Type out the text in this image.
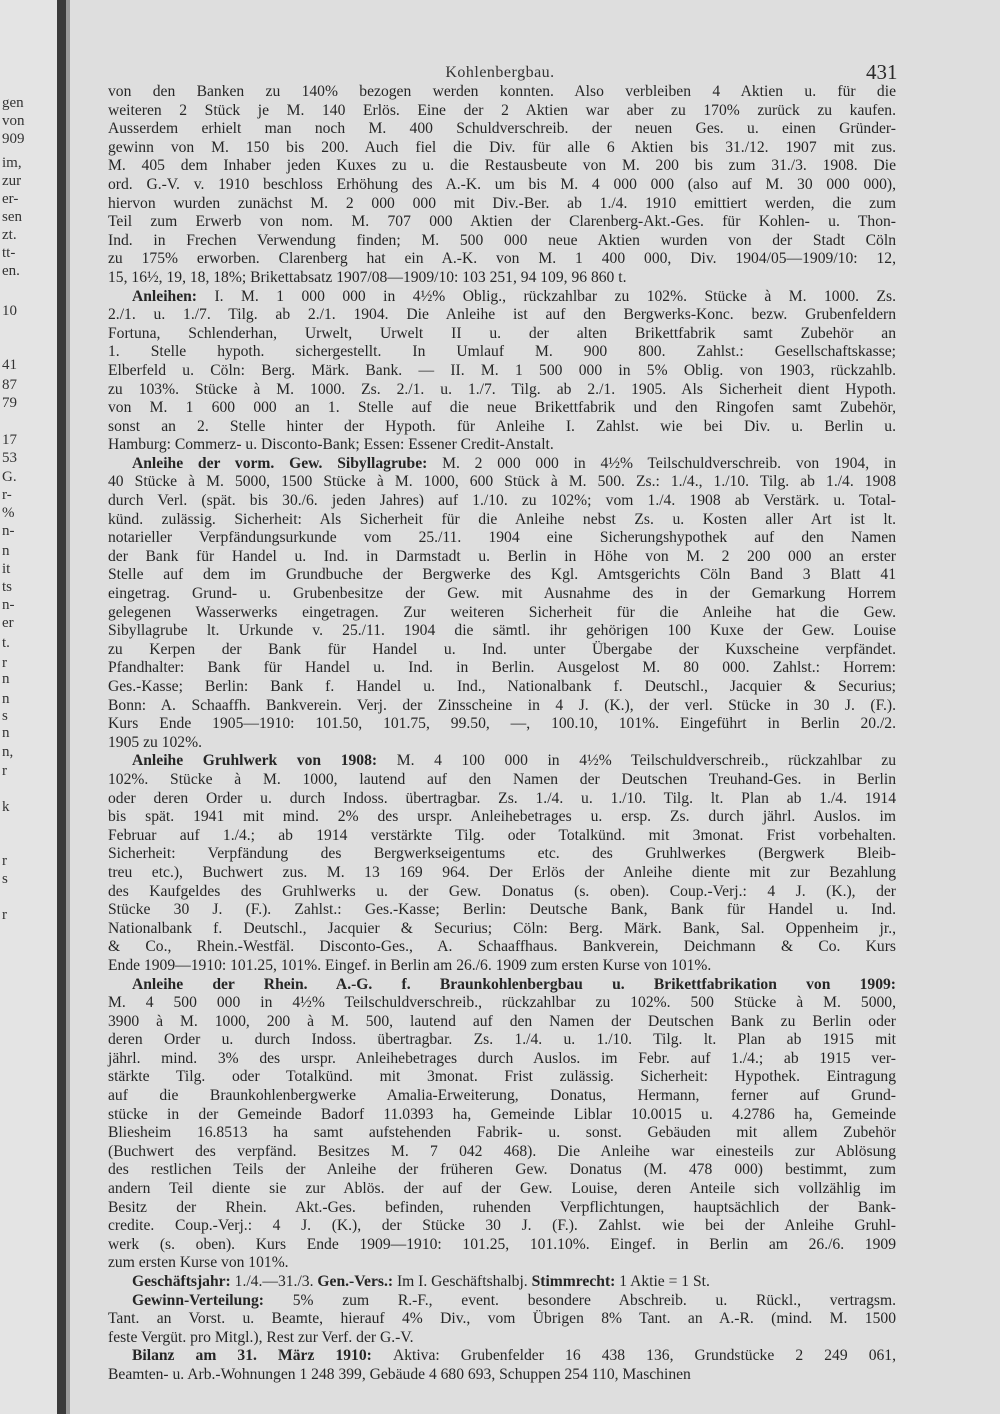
gen
von
909
im,
zur
er-
sen
zt.
tt-
en.
10
41
87
79
17
53
G.
r-
%
n-
n
it
ts
n-
er
t.
r
n
n
s
n
n,
r
k
r
s
r
Kohlenbergbau.	431
von den Banken zu 140% bezogen werden konnten. Also verbleiben 4 Aktien u. für die
weiteren 2 Stück je M. 140 Erlös. Eine der 2 Aktien war aber zu 170% zurück zu kaufen.
Ausserdem erhielt man noch M. 400 Schuldverschreib. der neuen Ges. u. einen Gründer-
gewinn von M. 150 bis 200. Auch fiel die Div. für alle 6 Aktien bis 31./12. 1907 mit zus.
M. 405 dem Inhaber jeden Kuxes zu u. die Restausbeute von M. 200 bis zum 31./3. 1908. Die
ord. G.-V. v. 1910 beschloss Erhöhung des A.-K. um bis M. 4 000 000 (also auf M. 30 000 000),
hiervon wurden zunächst M. 2 000 000 mit Div.-Ber. ab 1./4. 1910 emittiert werden, die zum
Teil zum Erwerb von nom. M. 707 000 Aktien der Clarenberg-Akt.-Ges. für Kohlen- u. Thon-
Ind. in Frechen Verwendung finden; M. 500 000 neue Aktien wurden von der Stadt Cöln
zu 175% erworben. Clarenberg hat ein A.-K. von M. 1 400 000, Div. 1904/05—1909/10: 12,
15, 16½, 19, 18, 18%; Brikettabsatz 1907/08—1909/10: 103 251, 94 109, 96 860 t.
Anleihen: I. M. 1 000 000 in 4½% Oblig., rückzahlbar zu 102%. Stücke à M. 1000. Zs.
2./1. u. 1./7. Tilg. ab 2./1. 1904. Die Anleihe ist auf den Bergwerks-Konc. bezw. Grubenfeldern
Fortuna, Schlenderhan, Urwelt, Urwelt II u. der alten Brikettfabrik samt Zubehör an
1. Stelle hypoth. sichergestellt. In Umlauf M. 900 800. Zahlst.: Gesellschaftskasse;
Elberfeld u. Cöln: Berg. Märk. Bank. — II. M. 1 500 000 in 5% Oblig. von 1903, rückzahlb.
zu 103%. Stücke à M. 1000. Zs. 2./1. u. 1./7. Tilg. ab 2./1. 1905. Als Sicherheit dient Hypoth.
von M. 1 600 000 an 1. Stelle auf die neue Brikettfabrik und den Ringofen samt Zubehör,
sonst an 2. Stelle hinter der Hypoth. für Anleihe I. Zahlst. wie bei Div. u. Berlin u.
Hamburg: Commerz- u. Disconto-Bank; Essen: Essener Credit-Anstalt.
Anleihe der vorm. Gew. Sibyllagrube: M. 2 000 000 in 4½% Teilschuldverschreib. von 1904, in
40 Stücke à M. 5000, 1500 Stücke à M. 1000, 600 Stück à M. 500. Zs.: 1./4., 1./10. Tilg. ab 1./4. 1908
durch Verl. (spät. bis 30./6. jeden Jahres) auf 1./10. zu 102%; vom 1./4. 1908 ab Verstärk. u. Total-
künd. zulässig. Sicherheit: Als Sicherheit für die Anleihe nebst Zs. u. Kosten aller Art ist lt.
notarieller Verpfändungsurkunde vom 25./11. 1904 eine Sicherungshypothek auf den Namen
der Bank für Handel u. Ind. in Darmstadt u. Berlin in Höhe von M. 2 200 000 an erster
Stelle auf dem im Grundbuche der Bergwerke des Kgl. Amtsgerichts Cöln Band 3 Blatt 41
eingetrag. Grund- u. Grubenbesitze der Gew. mit Ausnahme des in der Gemarkung Horrem
gelegenen Wasserwerks eingetragen. Zur weiteren Sicherheit für die Anleihe hat die Gew.
Sibyllagrube lt. Urkunde v. 25./11. 1904 die sämtl. ihr gehörigen 100 Kuxe der Gew. Louise
zu Kerpen der Bank für Handel u. Ind. unter Übergabe der Kuxscheine verpfändet.
Pfandhalter: Bank für Handel u. Ind. in Berlin. Ausgelost M. 80 000. Zahlst.: Horrem:
Ges.-Kasse; Berlin: Bank f. Handel u. Ind., Nationalbank f. Deutschl., Jacquier & Securius;
Bonn: A. Schaaffh. Bankverein. Verj. der Zinsscheine in 4 J. (K.), der verl. Stücke in 30 J. (F.).
Kurs Ende 1905—1910: 101.50, 101.75, 99.50, —, 100.10, 101%. Eingeführt in Berlin 20./2.
1905 zu 102%.
Anleihe Gruhlwerk von 1908: M. 4 100 000 in 4½% Teilschuldverschreib., rückzahlbar zu
102%. Stücke à M. 1000, lautend auf den Namen der Deutschen Treuhand-Ges. in Berlin
oder deren Order u. durch Indoss. übertragbar. Zs. 1./4. u. 1./10. Tilg. lt. Plan ab 1./4. 1914
bis spät. 1941 mit mind. 2% des urspr. Anleihebetrages u. ersp. Zs. durch jährl. Auslos. im
Februar auf 1./4.; ab 1914 verstärkte Tilg. oder Totalkünd. mit 3monat. Frist vorbehalten.
Sicherheit: Verpfändung des Bergwerkseigentums etc. des Gruhlwerkes (Bergwerk Bleib-
treu etc.), Buchwert zus. M. 13 169 964. Der Erlös der Anleihe diente mit zur Bezahlung
des Kaufgeldes des Gruhlwerks u. der Gew. Donatus (s. oben). Coup.-Verj.: 4 J. (K.), der
Stücke 30 J. (F.). Zahlst.: Ges.-Kasse; Berlin: Deutsche Bank, Bank für Handel u. Ind.
Nationalbank f. Deutschl., Jacquier & Securius; Cöln: Berg. Märk. Bank, Sal. Oppenheim jr.,
& Co., Rhein.-Westfäl. Disconto-Ges., A. Schaaffhaus. Bankverein, Deichmann & Co. Kurs
Ende 1909—1910: 101.25, 101%. Eingef. in Berlin am 26./6. 1909 zum ersten Kurse von 101%.
Anleihe der Rhein. A.-G. f. Braunkohlenbergbau u. Brikettfabrikation von 1909:
M. 4 500 000 in 4½% Teilschuldverschreib., rückzahlbar zu 102%. 500 Stücke à M. 5000,
3900 à M. 1000, 200 à M. 500, lautend auf den Namen der Deutschen Bank zu Berlin oder
deren Order u. durch Indoss. übertragbar. Zs. 1./4. u. 1./10. Tilg. lt. Plan ab 1915 mit
jährl. mind. 3% des urspr. Anleihebetrages durch Auslos. im Febr. auf 1./4.; ab 1915 ver-
stärkte Tilg. oder Totalkünd. mit 3monat. Frist zulässig. Sicherheit: Hypothek. Eintragung
auf die Braunkohlenbergwerke Amalia-Erweiterung, Donatus, Hermann, ferner auf Grund-
stücke in der Gemeinde Badorf 11.0393 ha, Gemeinde Liblar 10.0015 u. 4.2786 ha, Gemeinde
Bliesheim 16.8513 ha samt aufstehenden Fabrik- u. sonst. Gebäuden mit allem Zubehör
(Buchwert des verpfänd. Besitzes M. 7 042 468). Die Anleihe war einesteils zur Ablösung
des restlichen Teils der Anleihe der früheren Gew. Donatus (M. 478 000) bestimmt, zum
andern Teil diente sie zur Ablös. der auf der Gew. Louise, deren Anteile sich vollzählig im
Besitz der Rhein. Akt.-Ges. befinden, ruhenden Verpflichtungen, hauptsächlich der Bank-
credite. Coup.-Verj.: 4 J. (K.), der Stücke 30 J. (F.). Zahlst. wie bei der Anleihe Gruhl-
werk (s. oben). Kurs Ende 1909—1910: 101.25, 101.10%. Eingef. in Berlin am 26./6. 1909
zum ersten Kurse von 101%.
Geschäftsjahr: 1./4.—31./3. Gen.-Vers.: Im I. Geschäftshalbj. Stimmrecht: 1 Aktie = 1 St.
Gewinn-Verteilung: 5% zum R.-F., event. besondere Abschreib. u. Rückl., vertragsm.
Tant. an Vorst. u. Beamte, hierauf 4% Div., vom Übrigen 8% Tant. an A.-R. (mind. M. 1500
feste Vergüt. pro Mitgl.), Rest zur Verf. der G.-V.
Bilanz am 31. März 1910: Aktiva: Grubenfelder 16 438 136, Grundstücke 2 249 061,
Beamten- u. Arb.-Wohnungen 1 248 399, Gebäude 4 680 693, Schuppen 254 110, Maschinen
